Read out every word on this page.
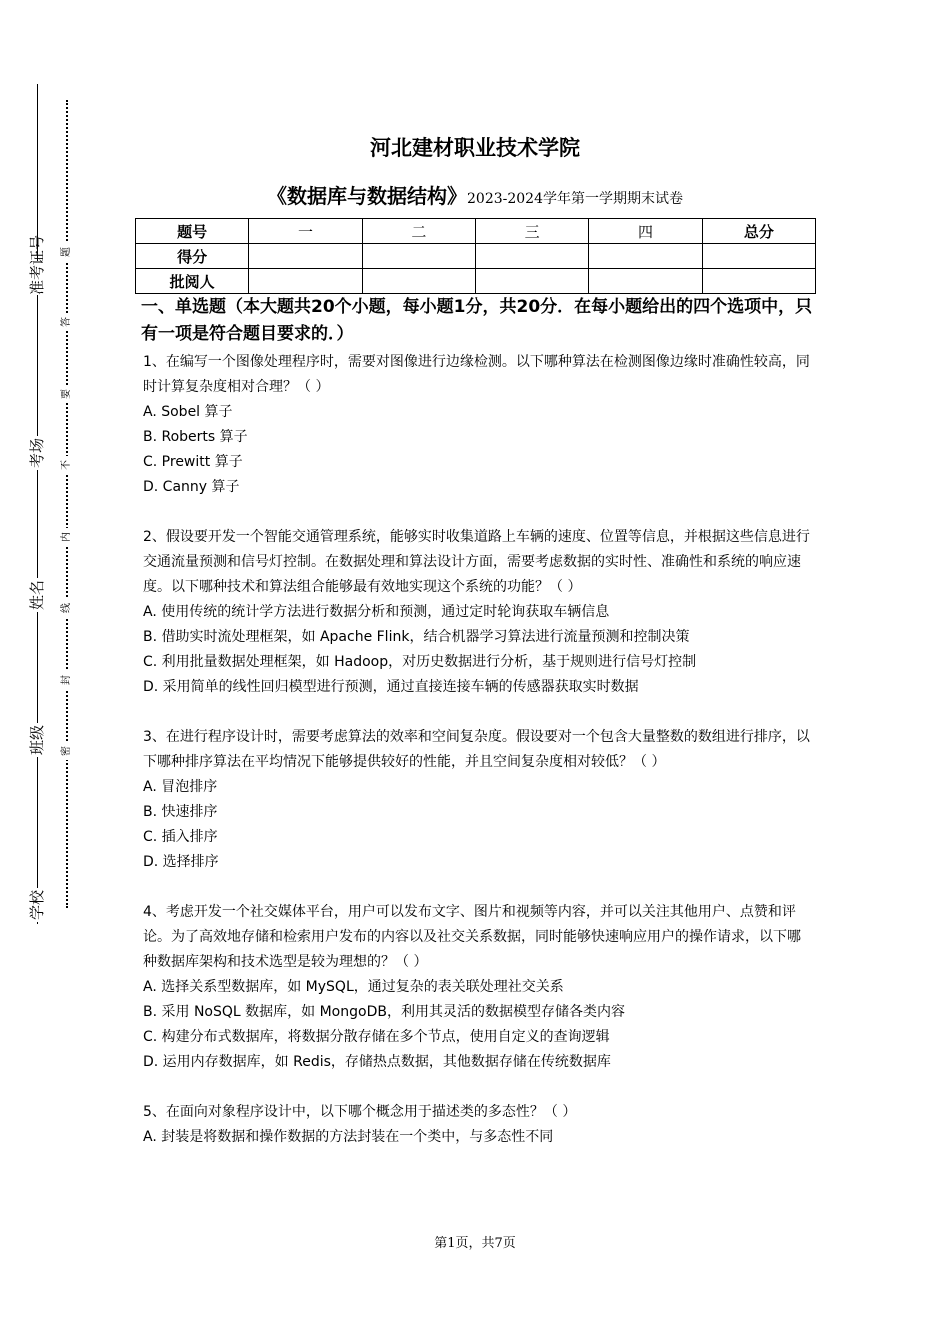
准考证号
考场
姓名
班级
学校
题
答
要
不
内
线
封
密
河北建材职业技术学院
《数据库与数据结构》2023-2024学年第一学期期末试卷
题号	一	二	三	四	总分
得分					
批阅人					
一、单选题（本大题共20个小题，每小题1分，共20分．在每小题给出的四个选项中，只有一项是符合题目要求的．）

1、在编写一个图像处理程序时，需要对图像进行边缘检测。以下哪种算法在检测图像边缘时准确性较高，同时计算复杂度相对合理？（ ）

A. Sobel 算子

B. Roberts 算子

C. Prewitt 算子

D. Canny 算子

2、假设要开发一个智能交通管理系统，能够实时收集道路上车辆的速度、位置等信息，并根据这些信息进行交通流量预测和信号灯控制。在数据处理和算法设计方面，需要考虑数据的实时性、准确性和系统的响应速度。以下哪种技术和算法组合能够最有效地实现这个系统的功能？（ ）

A. 使用传统的统计学方法进行数据分析和预测，通过定时轮询获取车辆信息

B. 借助实时流处理框架，如 Apache Flink，结合机器学习算法进行流量预测和控制决策

C. 利用批量数据处理框架，如 Hadoop，对历史数据进行分析，基于规则进行信号灯控制

D. 采用简单的线性回归模型进行预测，通过直接连接车辆的传感器获取实时数据

3、在进行程序设计时，需要考虑算法的效率和空间复杂度。假设要对一个包含大量整数的数组进行排序，以下哪种排序算法在平均情况下能够提供较好的性能，并且空间复杂度相对较低？（ ）

A. 冒泡排序

B. 快速排序

C. 插入排序

D. 选择排序

4、考虑开发一个社交媒体平台，用户可以发布文字、图片和视频等内容，并可以关注其他用户、点赞和评论。为了高效地存储和检索用户发布的内容以及社交关系数据，同时能够快速响应用户的操作请求，以下哪种数据库架构和技术选型是较为理想的？（ ）

A. 选择关系型数据库，如 MySQL，通过复杂的表关联处理社交关系

B. 采用 NoSQL 数据库，如 MongoDB，利用其灵活的数据模型存储各类内容

C. 构建分布式数据库，将数据分散存储在多个节点，使用自定义的查询逻辑

D. 运用内存数据库，如 Redis，存储热点数据，其他数据存储在传统数据库

5、在面向对象程序设计中，以下哪个概念用于描述类的多态性？（ ）

A. 封装是将数据和操作数据的方法封装在一个类中，与多态性不同

第1页，共7页
